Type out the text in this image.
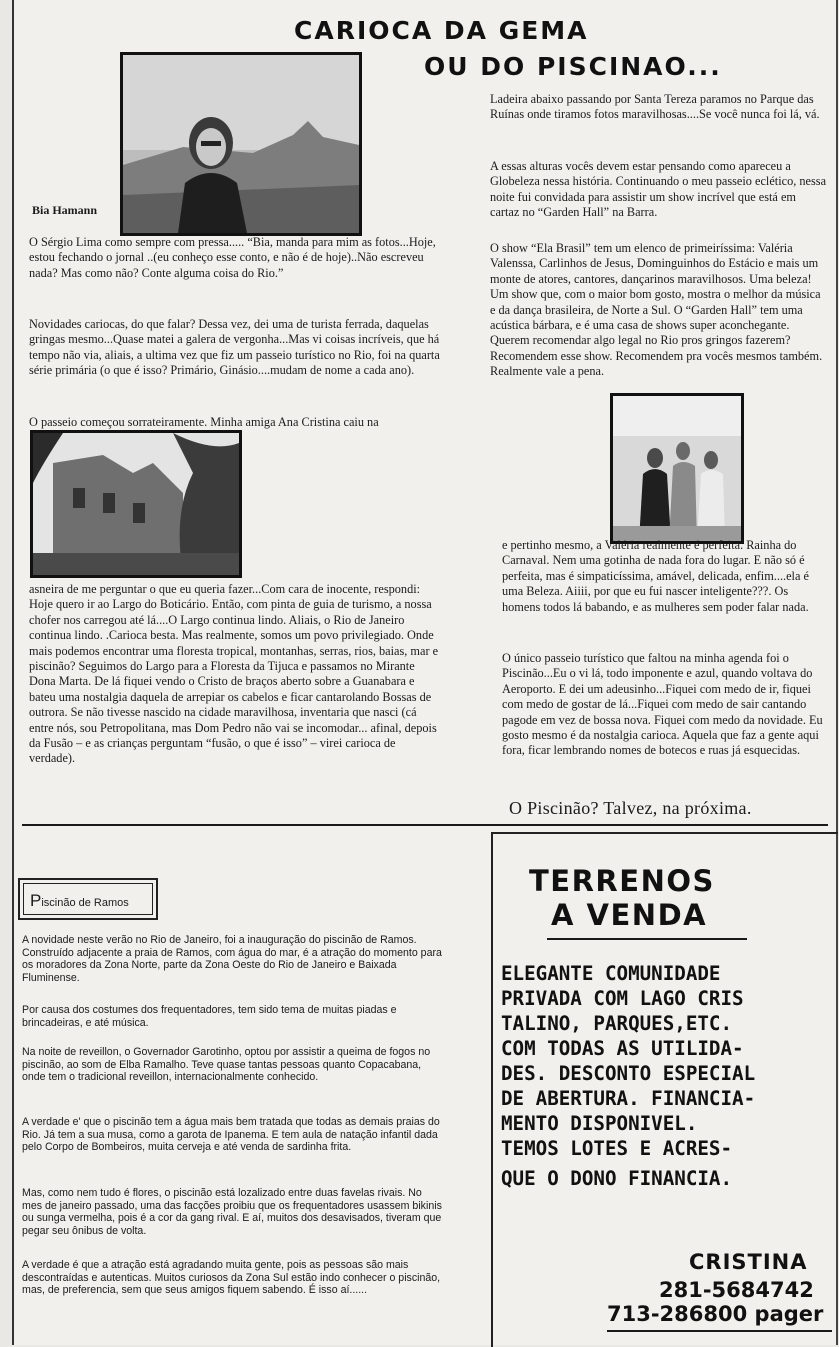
CARIOCA DA GEMA
OU DO PISCINAO...
Bia Hamann

O Sérgio Lima como sempre com pressa..... “Bia, manda para mim as fotos...Hoje, estou fechando o jornal ..(eu conheço esse conto, e não é de hoje)..Não escreveu nada? Mas como não? Conte alguma coisa do Rio.”

Novidades cariocas, do que falar? Dessa vez, dei uma de turista ferrada, daquelas gringas mesmo...Quase matei a galera de vergonha...Mas vi coisas incríveis, que há tempo não via, aliais, a ultima vez que fiz um passeio turístico no Rio, foi na quarta série primária (o que é isso? Primário, Ginásio....mudam de nome a cada ano).

O passeio começou sorrateiramente. Minha amiga Ana Cristina caiu na

asneira de me perguntar o que eu queria fazer...Com cara de inocente, respondi: Hoje quero ir ao Largo do Boticário. Então, com pinta de guia de turismo, a nossa chofer nos carregou até lá....O Largo continua lindo. Aliais, o Rio de Janeiro continua lindo. .Carioca besta. Mas realmente, somos um povo privilegiado. Onde mais podemos encontrar uma floresta tropical, montanhas, serras, rios, baias, mar e piscinão? Seguimos do Largo para a Floresta da Tijuca e passamos no Mirante Dona Marta. De lá fiquei vendo o Cristo de braços aberto sobre a Guanabara e bateu uma nostalgia daquela de arrepiar os cabelos e ficar cantarolando Bossas de outrora. Se não tivesse nascido na cidade maravilhosa, inventaria que nasci (cá entre nós, sou Petropolitana, mas Dom Pedro não vai se incomodar... afinal, depois da Fusão – e as crianças perguntam “fusão, o que é isso” – virei carioca de verdade).

Ladeira abaixo passando por Santa Tereza paramos no Parque das Ruínas onde tiramos fotos maravilhosas....Se você nunca foi lá, vá.

A essas alturas vocês devem estar pensando como apareceu a Globeleza nessa história. Continuando o meu passeio eclético, nessa noite fui convidada para assistir um show incrível que está em cartaz no “Garden Hall” na Barra.

O show “Ela Brasil” tem um elenco de primeiríssima: Valéria Valenssa, Carlinhos de Jesus, Dominguinhos do Estácio e mais um monte de atores, cantores, dançarinos maravilhosos. Uma beleza! Um show que, com o maior bom gosto, mostra o melhor da música e da dança brasileira, de Norte a Sul. O “Garden Hall” tem uma acústica bárbara, e é uma casa de shows super aconchegante. Querem recomendar algo legal no Rio pros gringos fazerem? Recomendem esse show. Recomendem pra vocês mesmos também. Realmente vale a pena.

e pertinho mesmo, a Valéria realmente é perfeita. Rainha do Carnaval. Nem uma gotinha de nada fora do lugar. E não só é perfeita, mas é simpaticíssima, amável, delicada, enfim....ela é uma Beleza. Aiiii, por que eu fui nascer inteligente???. Os homens todos lá babando, e as mulheres sem poder falar nada.

O único passeio turístico que faltou na minha agenda foi o Piscinão...Eu o vi lá, todo imponente e azul, quando voltava do Aeroporto. E dei um adeusinho...Fiquei com medo de ir, fiquei com medo de gostar de lá...Fiquei com medo de sair cantando pagode em vez de bossa nova. Fiquei com medo da novidade. Eu gosto mesmo é da nostalgia carioca. Aquela que faz a gente aqui fora, ficar lembrando nomes de botecos e ruas já esquecidas.

O Piscinão? Talvez, na próxima.
Piscinão de Ramos

A novidade neste verão no Rio de Janeiro, foi a inauguração do piscinão de Ramos. Construído adjacente a praia de Ramos, com água do mar, é a atração do momento para os moradores da Zona Norte, parte da Zona Oeste do Rio de Janeiro e Baixada Fluminense.

Por causa dos costumes dos frequentadores, tem sido tema de muitas piadas e brincadeiras, e até música.

Na noite de reveillon, o Governador Garotinho, optou por assistir a queima de fogos no piscinão, ao som de Elba Ramalho. Teve quase tantas pessoas quanto Copacabana, onde tem o tradicional reveillon, internacionalmente conhecido.

A verdade e' que o piscinão tem a água mais bem tratada que todas as demais praias do Rio. Já tem a sua musa, como a garota de Ipanema. E tem aula de natação infantil dada pelo Corpo de Bombeiros, muita cerveja e até venda de sardinha frita.

Mas, como nem tudo é flores, o piscinão está lozalizado entre duas favelas rivais. No mes de janeiro passado, uma das facções proibiu que os frequentadores usassem bikinis ou sunga vermelha, pois é a cor da gang rival. E aí, muitos dos desavisados, tiveram que pegar seu ônibus de volta.

A verdade é que a atração está agradando muita gente, pois as pessoas são mais descontraídas e autenticas. Muitos curiosos da Zona Sul estão indo conhecer o piscinão, mas, de preferencia, sem que seus amigos fiquem sabendo. É isso aí......

TERRENOS
A VENDA
ELEGANTE COMUNIDADE
PRIVADA COM LAGO CRIS
TALINO, PARQUES,ETC.
COM TODAS AS UTILIDA-
DES. DESCONTO ESPECIAL
DE ABERTURA. FINANCIA-
MENTO DISPONIVEL.
TEMOS LOTES E ACRES-
QUE O DONO FINANCIA.
CRISTINA
281-5684742
713-286800 pager
